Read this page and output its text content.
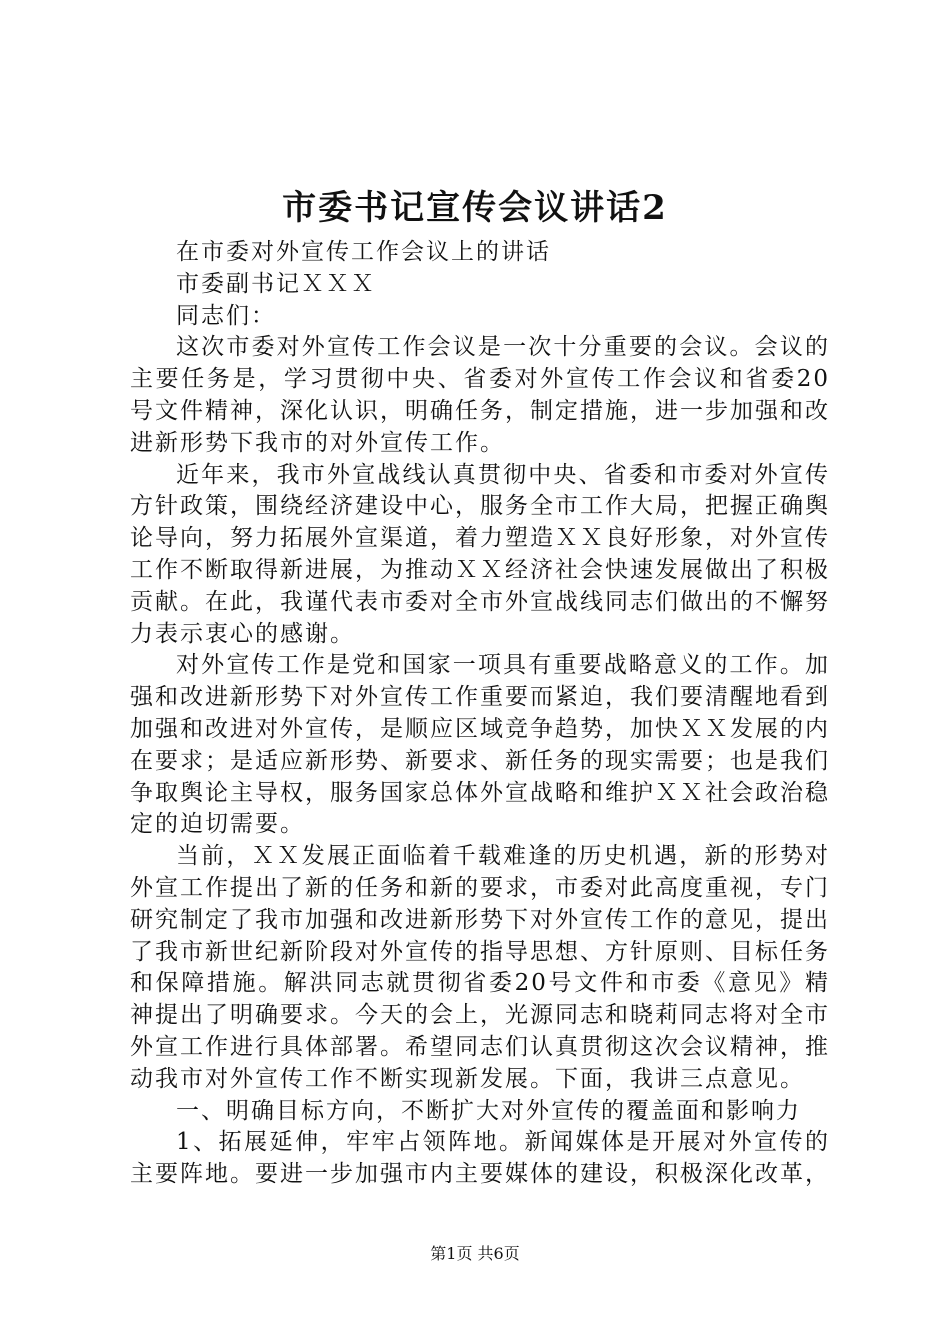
市委书记宣传会议讲话2

在市委对外宣传工作会议上的讲话

市委副书记ＸＸＸ

同志们：

这次市委对外宣传工作会议是一次十分重要的会议。会议的主要任务是，学习贯彻中央、省委对外宣传工作会议和省委20号文件精神，深化认识，明确任务，制定措施，进一步加强和改进新形势下我市的对外宣传工作。

近年来，我市外宣战线认真贯彻中央、省委和市委对外宣传方针政策，围绕经济建设中心，服务全市工作大局，把握正确舆论导向，努力拓展外宣渠道，着力塑造ＸＸ良好形象，对外宣传工作不断取得新进展，为推动ＸＸ经济社会快速发展做出了积极贡献。在此，我谨代表市委对全市外宣战线同志们做出的不懈努力表示衷心的感谢。

对外宣传工作是党和国家一项具有重要战略意义的工作。加强和改进新形势下对外宣传工作重要而紧迫，我们要清醒地看到加强和改进对外宣传，是顺应区域竞争趋势，加快ＸＸ发展的内在要求；是适应新形势、新要求、新任务的现实需要；也是我们争取舆论主导权，服务国家总体外宣战略和维护ＸＸ社会政治稳定的迫切需要。

当前，ＸＸ发展正面临着千载难逢的历史机遇，新的形势对外宣工作提出了新的任务和新的要求，市委对此高度重视，专门研究制定了我市加强和改进新形势下对外宣传工作的意见，提出了我市新世纪新阶段对外宣传的指导思想、方针原则、目标任务和保障措施。解洪同志就贯彻省委20号文件和市委《意见》精神提出了明确要求。今天的会上，光源同志和晓莉同志将对全市外宣工作进行具体部署。希望同志们认真贯彻这次会议精神，推动我市对外宣传工作不断实现新发展。下面，我讲三点意见。

一、明确目标方向，不断扩大对外宣传的覆盖面和影响力

1、拓展延伸，牢牢占领阵地。新闻媒体是开展对外宣传的主要阵地。要进一步加强市内主要媒体的建设，积极深化改革，

第1页 共6页
